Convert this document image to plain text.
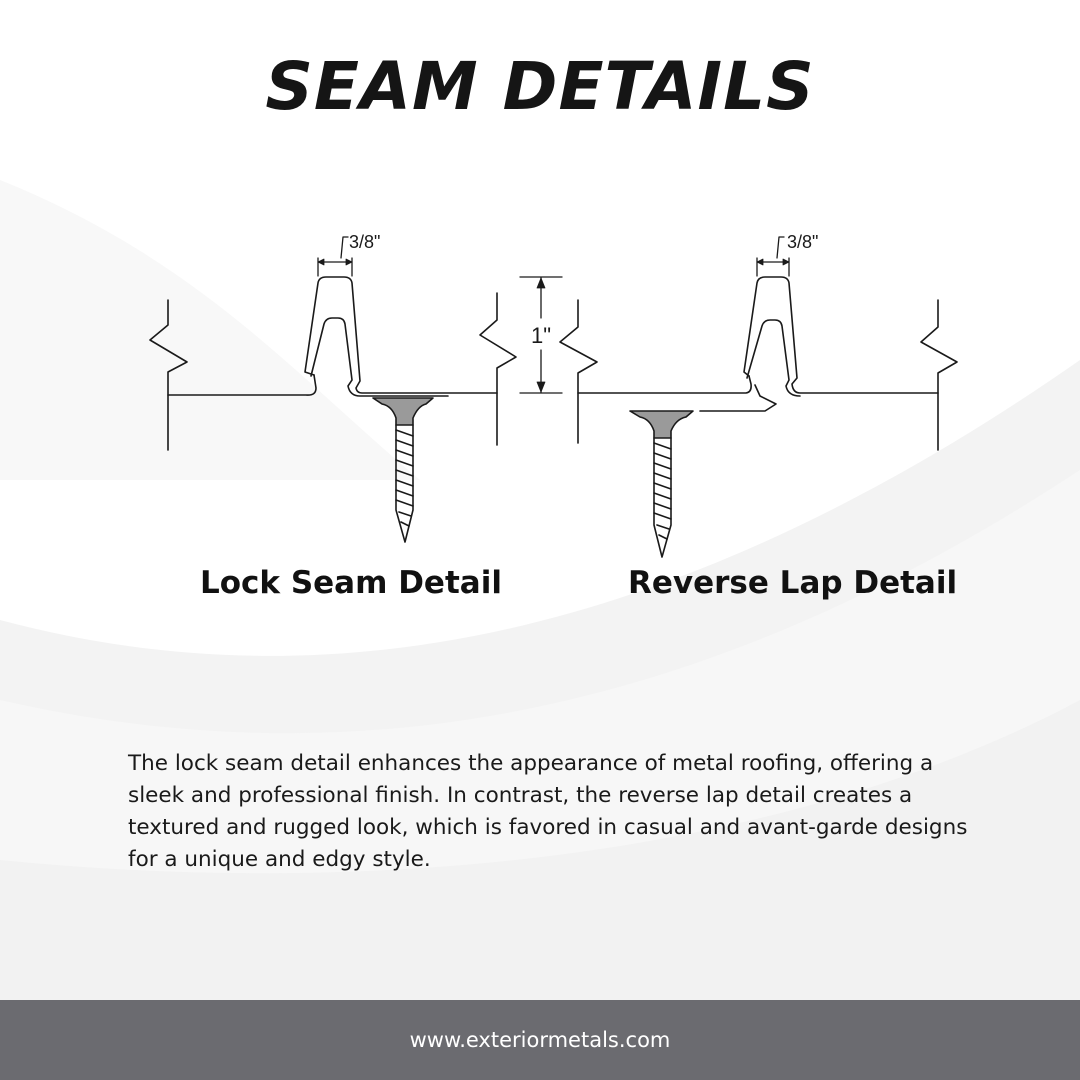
SEAM DETAILS
3/8"
1"
3/8"
Lock Seam Detail	Reverse Lap Detail

The lock seam detail enhances the appearance of metal roofing, offering a sleek and professional finish. In contrast, the reverse lap detail creates a textured and rugged look, which is favored in casual and avant-garde designs for a unique and edgy style.

www.exteriormetals.com
